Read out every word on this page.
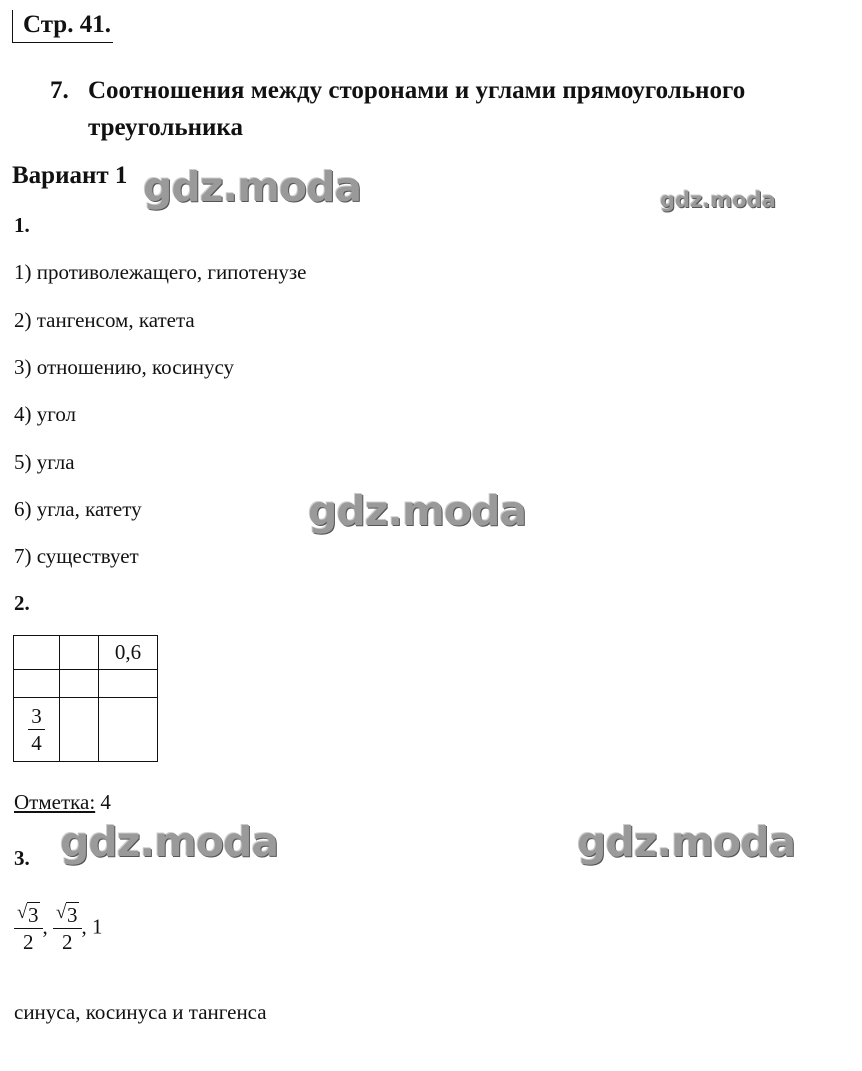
Стр. 41.
7. Соотношения между сторонами и углами прямоугольного треугольника
Вариант 1
1.
1) противолежащего, гипотенузе
2) тангенсом, катета
3) отношению, косинусу
4) угол
5) угла
6) угла, катету
7) существует
2.
		0,6

$\frac{3}{4}$

Отметка: 4
3.
$\frac{√ 3}{2}$ , $\frac{√ 3}{2}$ , 1
синуса, косинуса и тангенса
gdz.moda	gdz.moda
gdz.moda
gdz.moda	gdz.moda
